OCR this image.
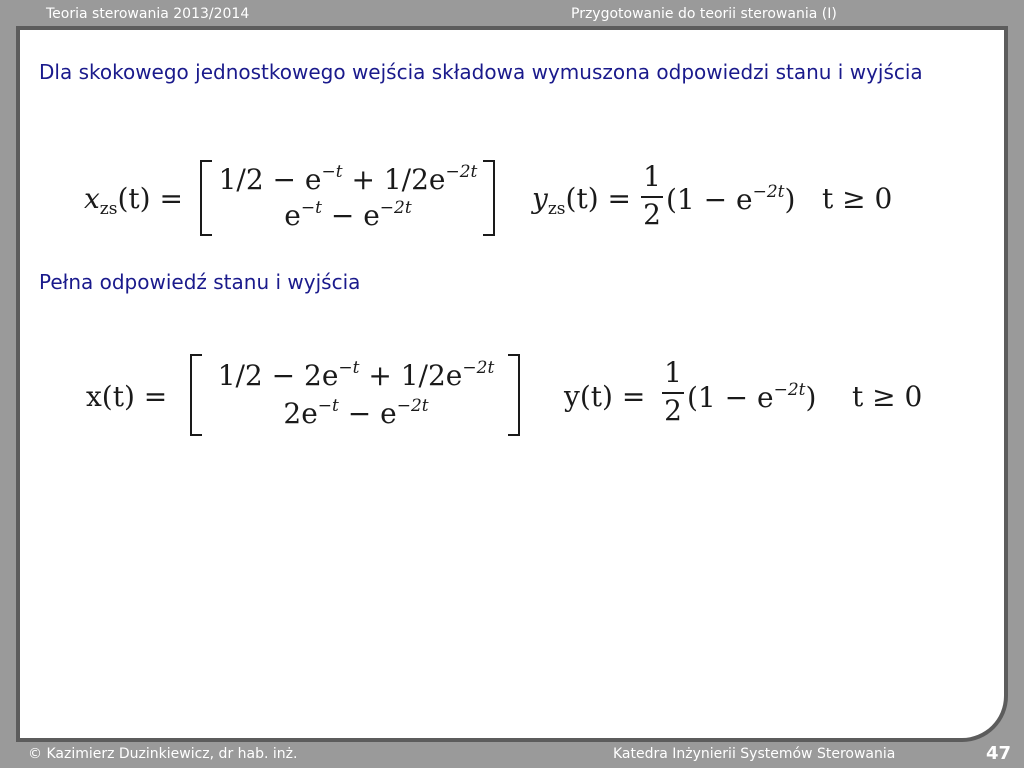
Teoria sterowania 2013/2014	Przygotowanie do teorii sterowania (I)
Dla skokowego jednostkowego wejścia składowa wymuszona odpowiedzi stanu i wyjścia
$x_{zs}(t)$ =
$1/2 - e^{-t} + 1/2e^{-2t}$
$e^{-t} - e^{-2t}$	$y_{zs}(t)$ =
1
2 $(1 - e^{-2t})$ t ≥ 0
Pełna odpowiedź stanu i wyjścia
x(t) =
$1/2 - 2e^{-t} + 1/2e^{-2t}$
$2e^{-t} - e^{-2t}$	y(t) =
1
2 $(1 - e^{-2t})$ t ≥ 0
© Kazimierz Duzinkiewicz, dr hab. inż.	Katedra Inżynierii Systemów Sterowania	47
